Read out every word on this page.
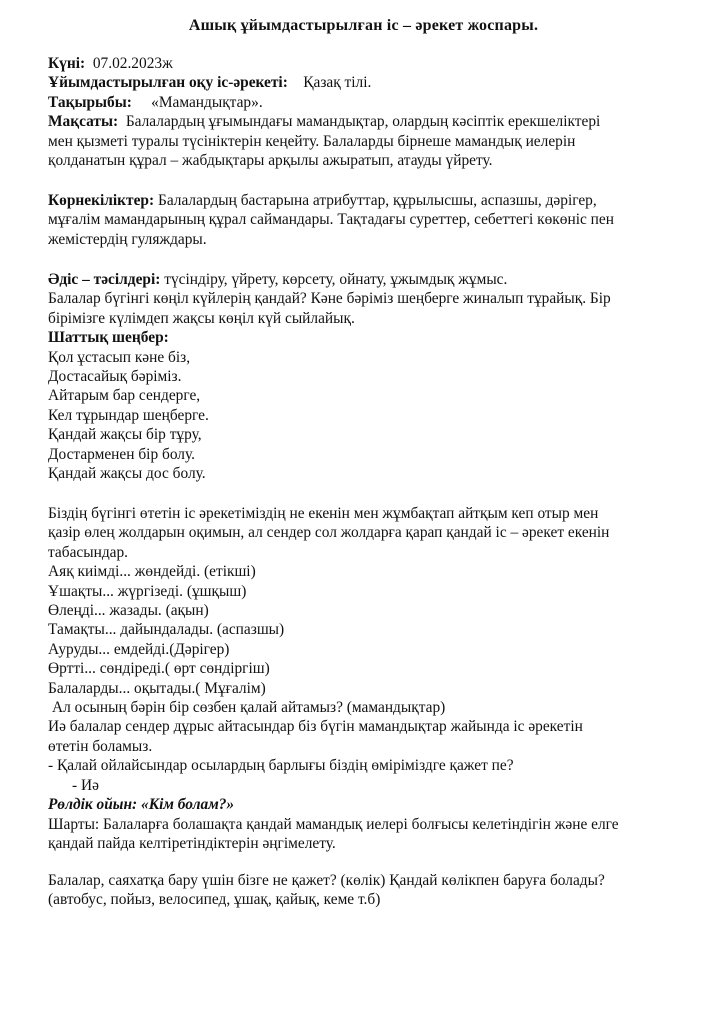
Ашық ұйымдастырылған іс – әрекет жоспары.
Күні: 07.02.2023ж
Ұйымдастырылған оқу іс-әрекеті: Қазақ тілі.
Тақырыбы: «Мамандықтар».
Мақсаты: Балалардың ұғымындағы мамандықтар, олардың кәсіптік ерекшеліктері
мен қызметі туралы түсініктерін кеңейту. Балаларды бірнеше мамандық иелерін
қолданатын құрал – жабдықтары арқылы ажыратып, атауды үйрету.
Көрнекіліктер: Балалардың бастарына атрибуттар, құрылысшы, аспазшы, дәрігер,
мұғалім мамандарының құрал саймандары. Тақтадағы суреттер, себеттегі көкөніс пен
жемістердің гуляждары.
Әдіс – тәсілдері: түсіндіру, үйрету, көрсету, ойнату, ұжымдық жұмыс.
Балалар бүгінгі көңіл күйлерің қандай? Кәне бәріміз шеңберге жиналып тұрайық. Бір
бірімізге күлімдеп жақсы көңіл күй сыйлайық.
Шаттық шеңбер:
Қол ұстасып кәне біз,
Достасайық бәріміз.
Айтарым бар сендерге,
Кел тұрындар шеңберге.
Қандай жақсы бір тұру,
Достарменен бір болу.
Қандай жақсы дос болу.
Біздің бүгінгі өтетін іс әрекетіміздің не екенін мен жұмбақтап айтқым кеп отыр мен
қазір өлең жолдарын оқимын, ал сендер сол жолдарға қарап қандай іс – әрекет екенін
табасындар.
Аяқ киімді... жөндейді. (етікші)
Ұшақты... жүргізеді. (ұшқыш)
Өлеңді... жазады. (ақын)
Тамақты... дайындалады. (аспазшы)
Ауруды... емдейді.(Дәрігер)
Өртті... сөндіреді.( өрт сөндіргіш)
Балаларды... оқытады.( Мұғалім)
Ал осының бәрін бір сөзбен қалай айтамыз? (мамандықтар)
Иә балалар сендер дұрыс айтасындар біз бүгін мамандықтар жайында іс әрекетін
өтетін боламыз.
- Қалай ойлайсындар осылардың барлығы біздің өміріміздге қажет пе?
- Иә
Рөлдік ойын: «Кім болам?»
Шарты: Балаларға болашақта қандай мамандық иелері болғысы келетіндігін және елге
қандай пайда келтіретіндіктерін әңгімелету.
Балалар, саяхатқа бару үшін бізге не қажет? (көлік) Қандай көлікпен баруға болады?
(автобус, пойыз, велосипед, ұшақ, қайық, кеме т.б)
